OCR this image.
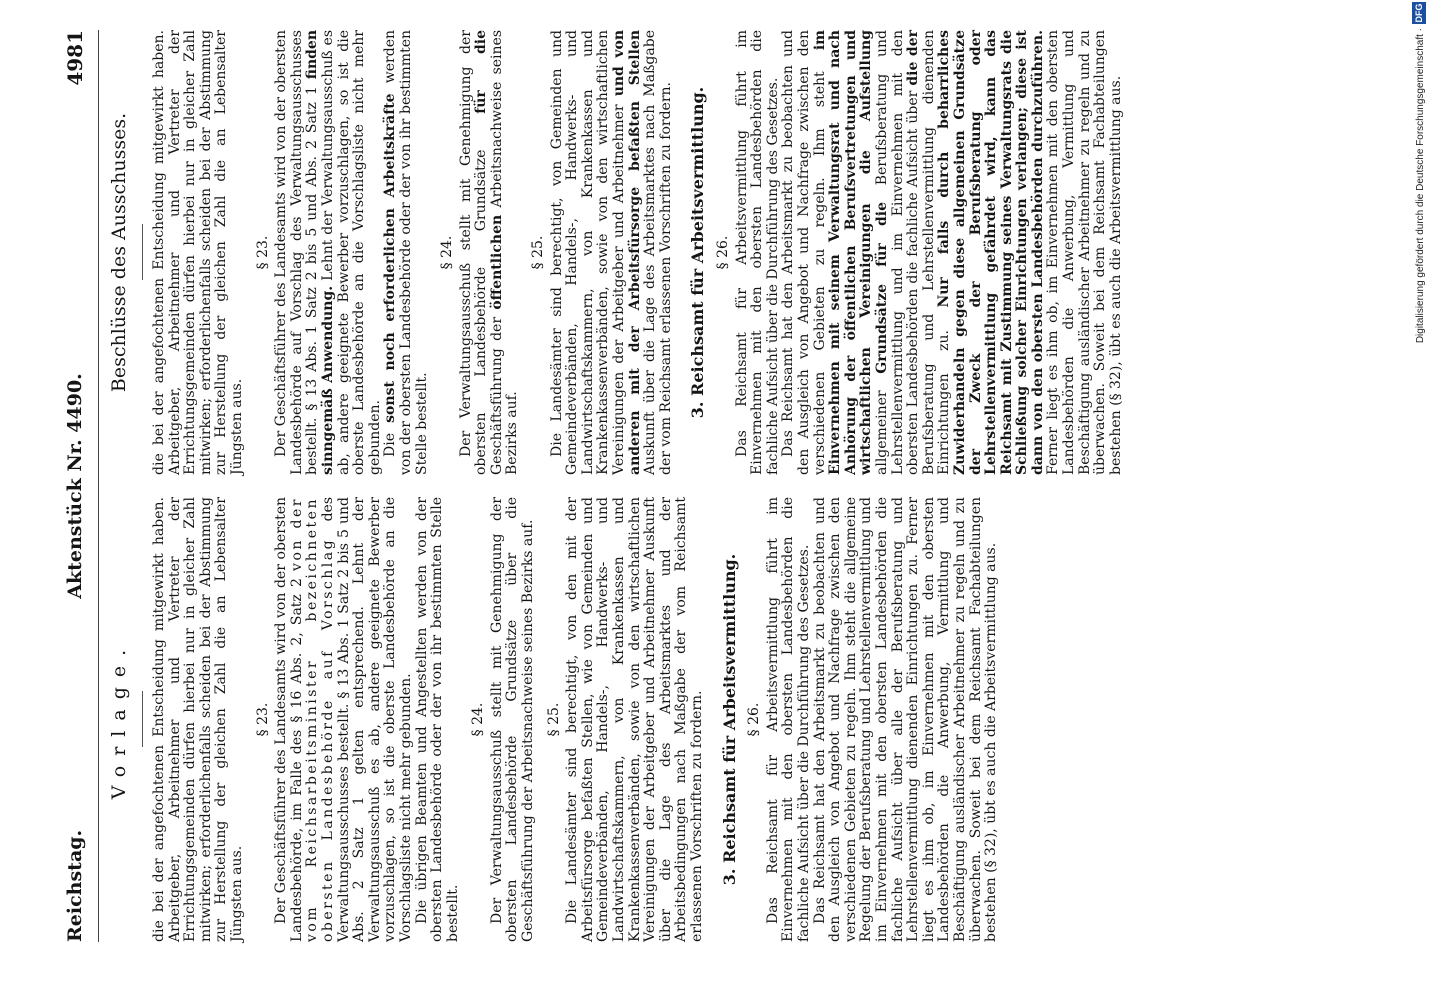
Reichstag.
Aktenstück Nr. 4490.
4981
Vorlage.
Beschlüsse des Ausschusses.

die bei der angefochtenen Entscheidung mitgewirkt haben. Arbeitgeber, Arbeitnehmer und Vertreter der Errichtungsgemeinden dürfen hierbei nur in gleicher Zahl mitwirken; erforderlichenfalls scheiden bei der Abstimmung zur Herstellung der gleichen Zahl die an Lebensalter Jüngsten aus.

§ 23. Der Geschäftsführer des Landesamts wird von der obersten Landesbehörde, im Falle des § 16 Abs. 2, Satz 2 von der vom Reichsarbeitsminister bezeichneten obersten Landesbehörde auf Vorschlag des Verwaltungsausschusses bestellt. § 13 Abs. 1 Satz 2 bis 5 und Abs. 2 Satz 1 gelten entsprechend. Lehnt der Verwaltungsausschuß es ab, andere geeignete Bewerber vorzuschlagen, so ist die oberste Landesbehörde an die Vorschlagsliste nicht mehr gebunden. Die übrigen Beamten und Angestellten werden von der obersten Landesbehörde oder der von ihr bestimmten Stelle bestellt.

§ 24. Der Verwaltungsausschuß stellt mit Genehmigung der obersten Landesbehörde Grundsätze über die Geschäftsführung der Arbeitsnachweise seines Bezirks auf. § 25. Die Landesämter sind berechtigt, von den mit der Arbeitsfürsorge befaßten Stellen, wie von Gemeinden und Gemeindeverbänden, Handels-, Handwerks- und Landwirtschaftskammern, von Krankenkassen und Krankenkassenverbänden, sowie von den wirtschaftlichen Vereinigungen der Arbeitgeber und Arbeitnehmer Auskunft über die Lage des Arbeitsmarktes und der Arbeitsbedingungen nach Maßgabe der vom Reichsamt erlassenen Vorschriften zu fordern. 3. Reichsamt für Arbeitsvermittlung. § 26. Das Reichsamt für Arbeitsvermittlung führt im Einvernehmen mit den obersten Landesbehörden die fachliche Aufsicht über die Durchführung des Gesetzes. Das Reichsamt hat den Arbeitsmarkt zu beobachten und den Ausgleich von Angebot und Nachfrage zwischen den verschiedenen Gebieten zu regeln. Ihm steht die allgemeine Regelung der Berufsberatung und Lehrstellenvermittlung und im Einvernehmen mit den obersten Landesbehörden die fachliche Aufsicht über alle der Berufsberatung und Lehrstellenvermittlung dienenden Einrichtungen zu. Ferner liegt es ihm ob, im Einvernehmen mit den obersten Landesbehörden die Anwerbung, Vermittlung und Beschäftigung ausländischer Arbeitnehmer zu regeln und zu überwachen. Soweit bei dem Reichsamt Fachabteilungen bestehen (§ 32), übt es auch die Arbeitsvermittlung aus.

die bei der angefochtenen Entscheidung mitgewirkt haben. Arbeitgeber, Arbeitnehmer und Vertreter der Errichtungsgemeinden dürfen hierbei nur in gleicher Zahl mitwirken; erforderlichenfalls scheiden bei der Abstimmung zur Herstellung der gleichen Zahl die an Lebensalter Jüngsten aus.

§ 23. Der Geschäftsführer des Landesamts wird von der obersten Landesbehörde auf Vorschlag des Verwaltungsausschusses bestellt. § 13 Abs. 1 Satz 2 bis 5 und Abs. 2 Satz 1 finden sinngemäß Anwendung. Lehnt der Verwaltungsausschuß es ab, andere geeignete Bewerber vorzuschlagen, so ist die oberste Landesbehörde an die Vorschlagsliste nicht mehr gebunden. Die sonst noch erforderlichen Arbeitskräfte werden von der obersten Landesbehörde oder der von ihr bestimmten Stelle bestellt.

§ 24. Der Verwaltungsausschuß stellt mit Genehmigung der obersten Landesbehörde Grundsätze für die Geschäftsführung der öffentlichen Arbeitsnachweise seines Bezirks auf.

§ 25. Die Landesämter sind berechtigt, von Gemeinden und Gemeindeverbänden, Handels-, Handwerks- und Landwirtschaftskammern, von Krankenkassen und Krankenkassenverbänden, sowie von den wirtschaftlichen Vereinigungen der Arbeitgeber und Arbeitnehmer und von anderen mit der Arbeitsfürsorge befaßten Stellen Auskunft über die Lage des Arbeitsmarktes nach Maßgabe der vom Reichsamt erlassenen Vorschriften zu fordern. 3. Reichsamt für Arbeitsvermittlung. § 26. Das Reichsamt für Arbeitsvermittlung führt im Einvernehmen mit den obersten Landesbehörden die fachliche Aufsicht über die Durchführung des Gesetzes. Das Reichsamt hat den Arbeitsmarkt zu beobachten und den Ausgleich von Angebot und Nachfrage zwischen den verschiedenen Gebieten zu regeln. Ihm steht im Einvernehmen mit seinem Verwaltungsrat und nach Anhörung der öffentlichen Berufsvertretungen und wirtschaftlichen Vereinigungen die Aufstellung allgemeiner Grundsätze für die Berufsberatung und Lehrstellenvermittlung und im Einvernehmen mit den obersten Landesbehörden die fachliche Aufsicht über die der Berufsberatung und Lehrstellenvermittlung dienenden Einrichtungen zu. Nur falls durch beharrliches Zuwiderhandeln gegen diese allgemeinen Grundsätze der Zweck der Berufsberatung oder Lehrstellenvermittlung gefährdet wird, kann das Reichsamt mit Zustimmung seines Verwaltungsrats die Schließung solcher Einrichtungen verlangen; diese ist dann von den obersten Landesbehörden durchzuführen. Ferner liegt es ihm ob, im Einvernehmen mit den obersten Landesbehörden die Anwerbung, Vermittlung und Beschäftigung ausländischer Arbeitnehmer zu regeln und zu überwachen. Soweit bei dem Reichsamt Fachabteilungen bestehen (§ 32), übt es auch die Arbeitsvermittlung aus.	Digitalisierung gefördert durch die Deutsche Forschungsgemeinschaft ·
DFG
